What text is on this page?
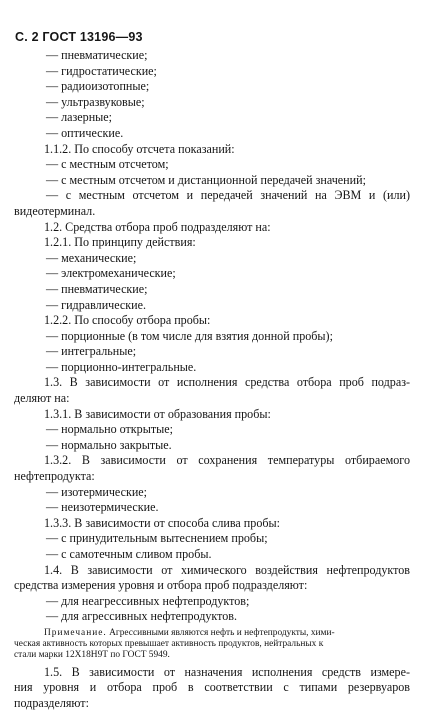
С. 2 ГОСТ 13196—93
— пневматические;
— гидростатические;
— радиоизотопные;
— ультразвуковые;
— лазерные;
— оптические.
1.1.2. По способу отсчета показаний:
— с местным отсчетом;
— с местным отсчетом и дистанционной передачей значений;
— с местным отсчетом и передачей значений на ЭВМ и (или)
видеотерминал.
1.2. Средства отбора проб подразделяют на:
1.2.1. По принципу действия:
— механические;
— электромеханические;
— пневматические;
— гидравлические.
1.2.2. По способу отбора пробы:
— порционные (в том числе для взятия донной пробы);
— интегральные;
— порционно-интегральные.
1.3. В зависимости от исполнения средства отбора проб подраз-
деляют на:
1.3.1. В зависимости от образования пробы:
— нормально открытые;
— нормально закрытые.
1.3.2. В зависимости от сохранения температуры отбираемого
нефтепродукта:
— изотермические;
— неизотермические.
1.3.3. В зависимости от способа слива пробы:
— с принудительным вытеснением пробы;
— с самотечным сливом пробы.
1.4. В зависимости от химического воздействия нефтепродуктов
средства измерения уровня и отбора проб подразделяют:
— для неагрессивных нефтепродуктов;
— для агрессивных нефтепродуктов.
Примечание. Агрессивными являются нефть и нефтепродукты, хими-
ческая активность которых превышает активность продуктов, нейтральных к
стали марки 12Х18Н9Т по ГОСТ 5949.
1.5. В зависимости от назначения исполнения средств измере-
ния уровня и отбора проб в соответствии с типами резервуаров
подразделяют:
